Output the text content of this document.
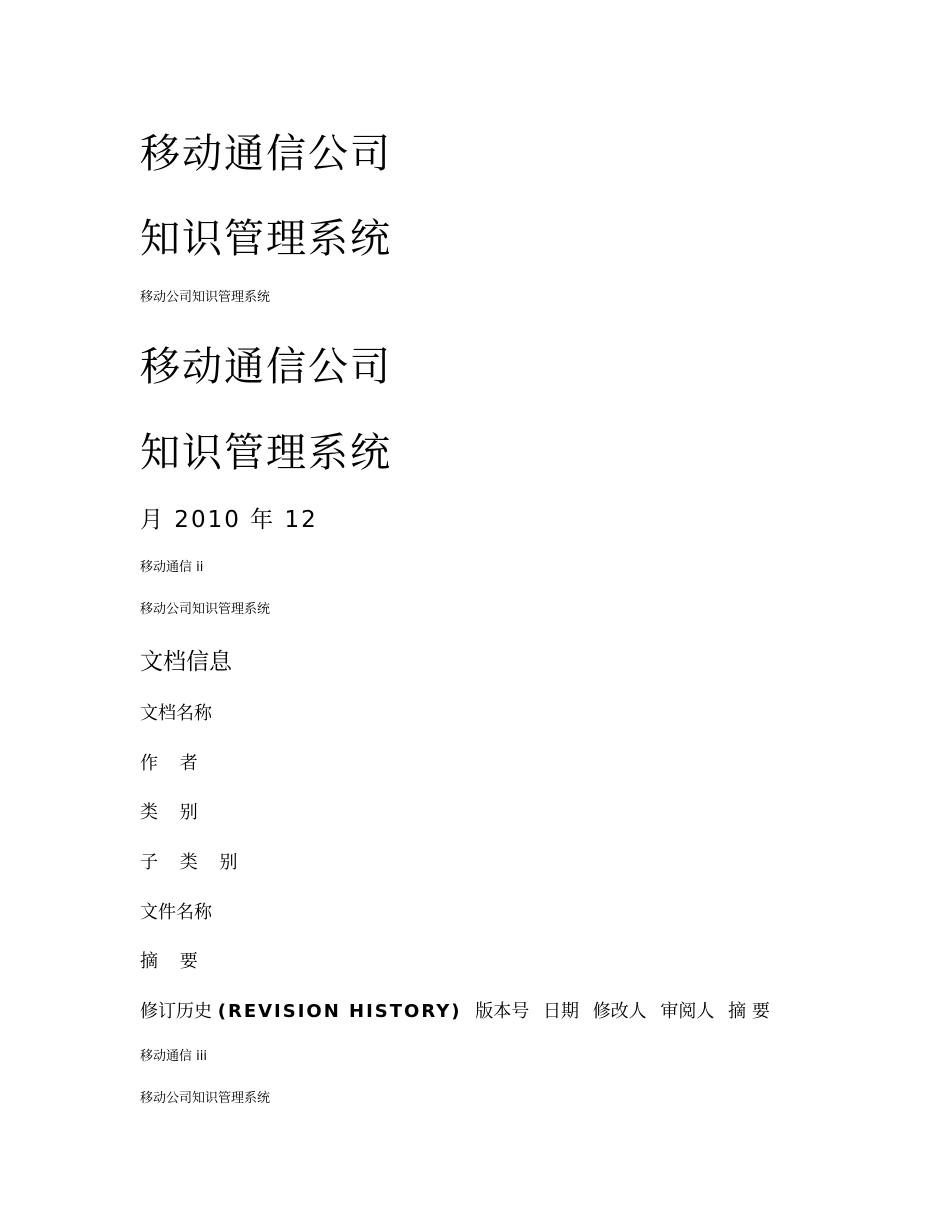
移动通信公司
知识管理系统
移动公司知识管理系统
移动通信公司
知识管理系统
月 2010 年 12
移动通信 ii
移动公司知识管理系统
文档信息
文档名称
作 者
类 别
子 类 别
文件名称
摘 要
修订历史 (REVISION HISTORY) 版本号 日期 修改人 审阅人 摘 要
移动通信 iii
移动公司知识管理系统
